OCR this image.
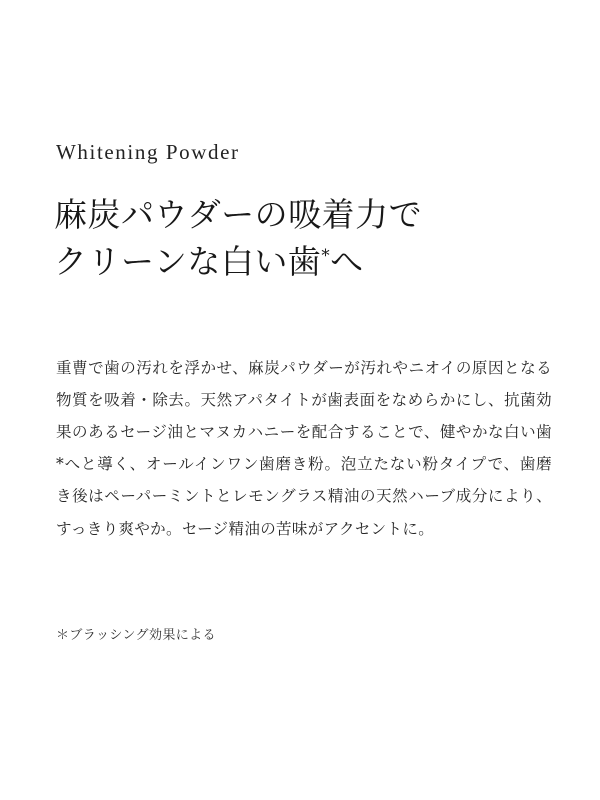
Whitening Powder
麻炭パウダーの吸着力で
クリーンな白い歯*へ

重曹で歯の汚れを浮かせ、麻炭パウダーが汚れやニオイの原因となる物質を吸着・除去。天然アパタイトが歯表面をなめらかにし、抗菌効果のあるセージ油とマヌカハニーを配合することで、健やかな白い歯*へと導く、オールインワン歯磨き粉。泡立たない粉タイプで、歯磨き後はペーパーミントとレモングラス精油の天然ハーブ成分により、すっきり爽やか。セージ精油の苦味がアクセントに。

＊ブラッシング効果による
